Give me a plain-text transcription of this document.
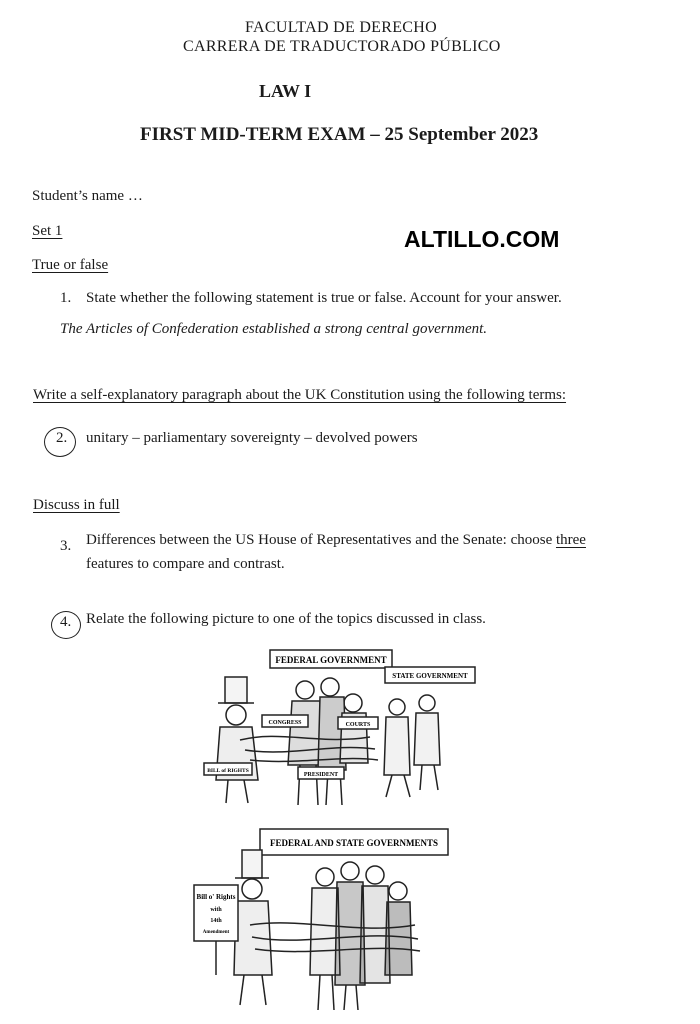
FACULTAD DE DERECHO
CARRERA DE TRADUCTORADO PÚBLICO
LAW I
FIRST MID-TERM EXAM – 25 September 2023
Student’s name …
Set 1	ALTILLO.COM
True or false
1. State whether the following statement is true or false. Account for your answer.
The Articles of Confederation established a strong central government.
Write a self-explanatory paragraph about the UK Constitution using the following terms:
2. unitary – parliamentary sovereignty – devolved powers
Discuss in full
3. Differences between the US House of Representatives and the Senate: choose three
features to compare and contrast.
4. Relate the following picture to one of the topics discussed in class.
FEDERAL GOVERNMENT
STATE GOVERNMENT
CONGRESS	COURTS
PRESIDENT
BILL of RIGHTS
FEDERAL AND STATE GOVERNMENTS
Bill o' Rights
with
14th
Amendment
